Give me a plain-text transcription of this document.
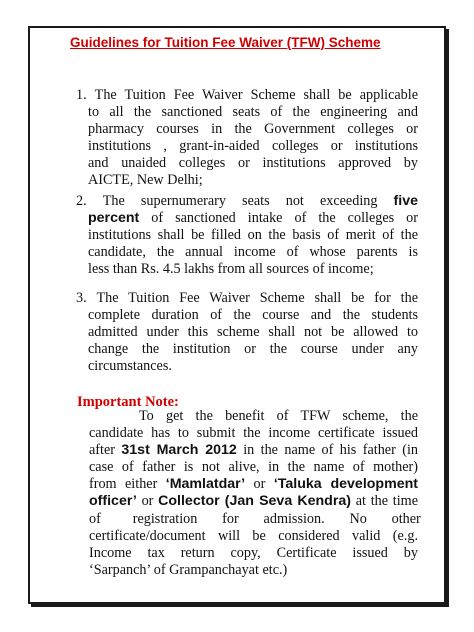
Guidelines for Tuition Fee Waiver (TFW) Scheme
1. The Tuition Fee Waiver Scheme shall be applicable
to all the sanctioned seats of the engineering and
pharmacy courses in the Government colleges or
institutions , grant-in-aided colleges or institutions
and unaided colleges or institutions approved by
AICTE, New Delhi;
2. The supernumerary seats not exceeding five
percent of sanctioned intake of the colleges or
institutions shall be filled on the basis of merit of the
candidate, the annual income of whose parents is
less than Rs. 4.5 lakhs from all sources of income;
3. The Tuition Fee Waiver Scheme shall be for the
complete duration of the course and the students
admitted under this scheme shall not be allowed to
change the institution or the course under any
circumstances.
Important Note:
To get the benefit of TFW scheme, the
candidate has to submit the income certificate issued
after 31st March 2012 in the name of his father (in
case of father is not alive, in the name of mother)
from either ‘Mamlatdar’ or ‘Taluka development
officer’ or Collector (Jan Seva Kendra) at the time
of         registration       for       admission.       No       other
certificate/document will be considered valid (e.g.
Income tax return copy, Certificate issued by
‘Sarpanch’ of Grampanchayat etc.)
